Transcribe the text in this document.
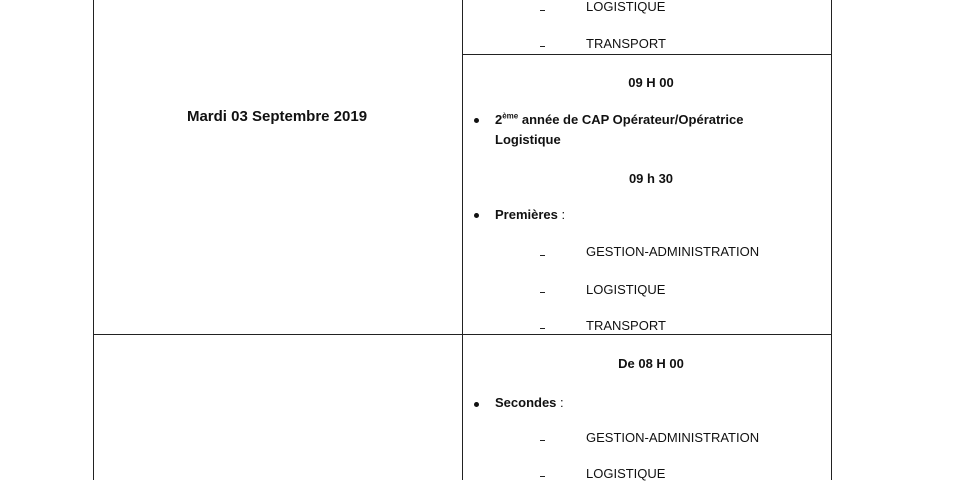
LOGISTIQUE
TRANSPORT
Mardi 03 Septembre 2019
09 H 00
2ème année de CAP Opérateur/Opératrice
Logistique
09 h 30
Premières :
GESTION-ADMINISTRATION
LOGISTIQUE
TRANSPORT
De 08 H 00
Secondes :
GESTION-ADMINISTRATION
LOGISTIQUE
